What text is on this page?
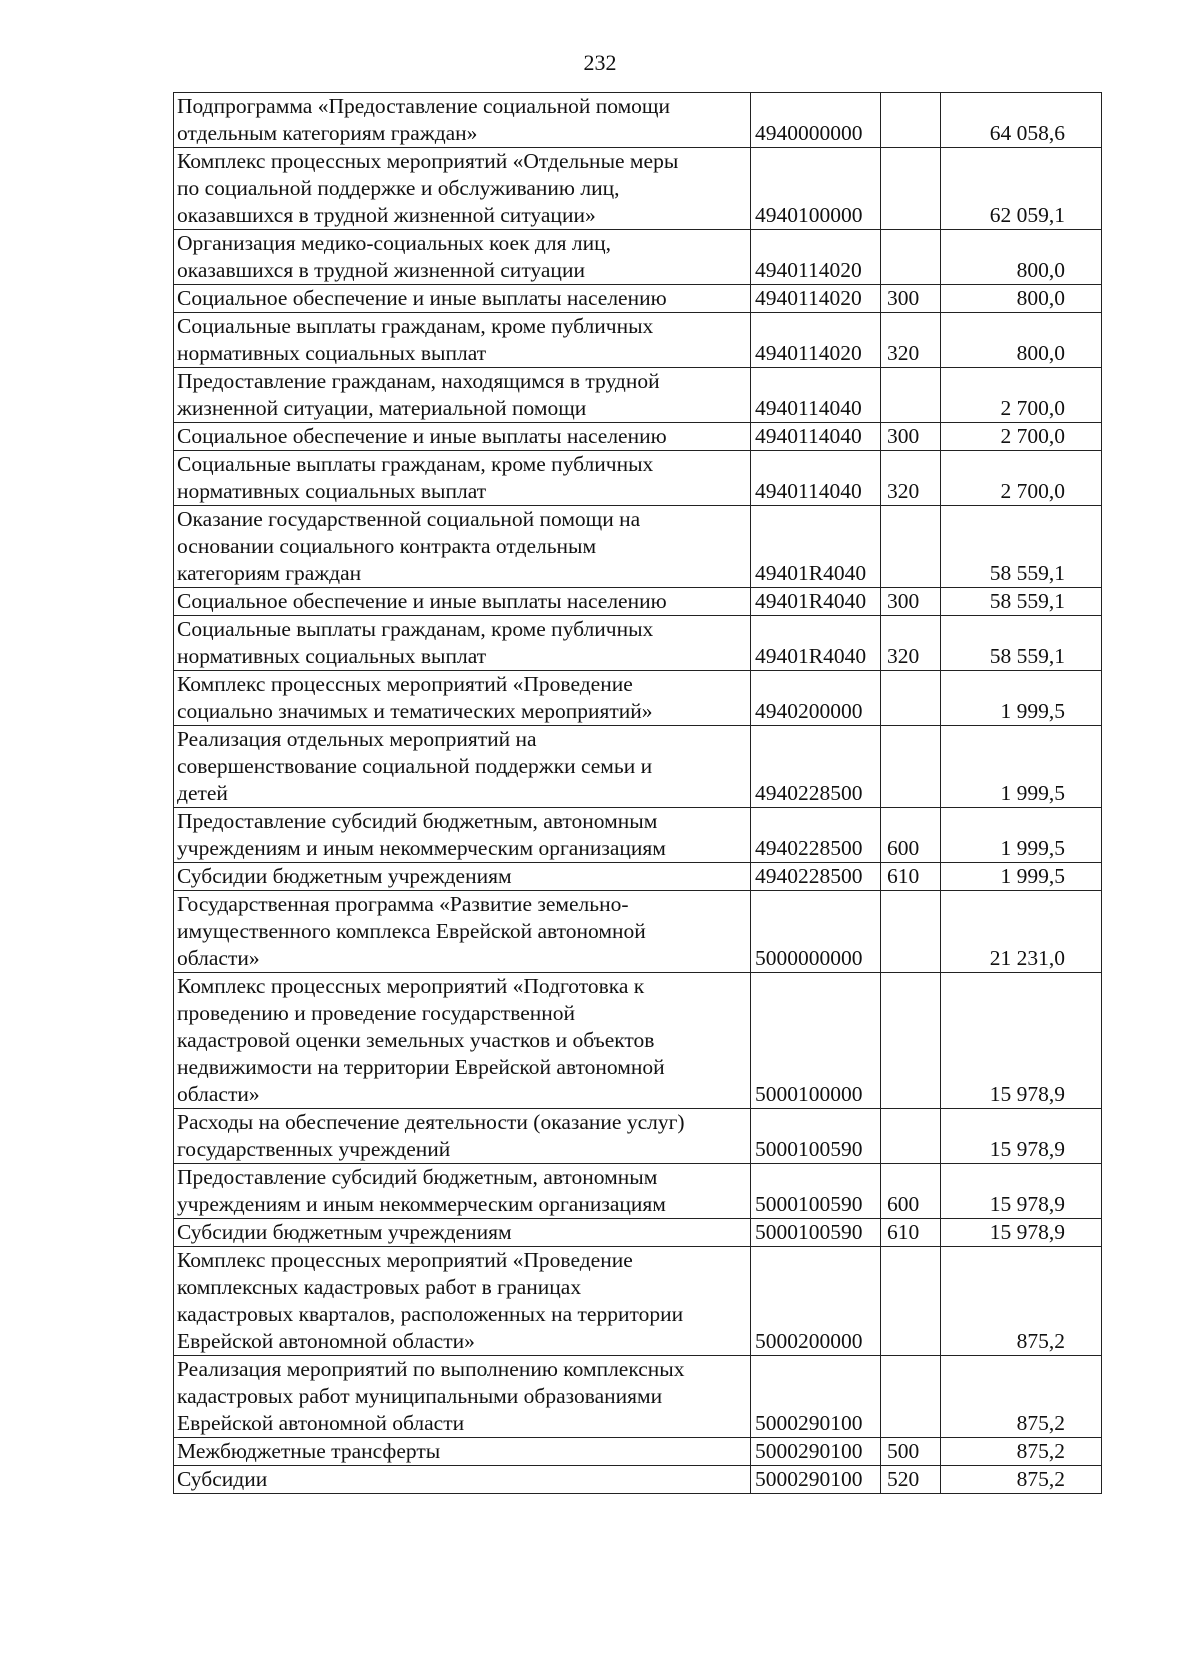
232
Подпрограмма «Предоставление социальной помощи
отдельным категориям граждан»	4940000000		64 058,6

Комплекс процессных мероприятий «Отдельные меры
по социальной поддержке и обслуживанию лиц,
оказавшихся в трудной жизненной ситуации»	4940100000		62 059,1

Организация медико-социальных коек для лиц,
оказавшихся в трудной жизненной ситуации	4940114020		800,0

Социальное обеспечение и иные выплаты населению	4940114020	300	800,0

Социальные выплаты гражданам, кроме публичных
нормативных социальных выплат	4940114020	320	800,0

Предоставление гражданам, находящимся в трудной
жизненной ситуации, материальной помощи	4940114040		2 700,0

Социальное обеспечение и иные выплаты населению	4940114040	300	2 700,0

Социальные выплаты гражданам, кроме публичных
нормативных социальных выплат	4940114040	320	2 700,0

Оказание государственной социальной помощи на
основании социального контракта отдельным
категориям граждан	49401R4040		58 559,1

Социальное обеспечение и иные выплаты населению	49401R4040	300	58 559,1

Социальные выплаты гражданам, кроме публичных
нормативных социальных выплат	49401R4040	320	58 559,1

Комплекс процессных мероприятий «Проведение
социально значимых и тематических мероприятий»	4940200000		1 999,5

Реализация отдельных мероприятий на
совершенствование социальной поддержки семьи и
детей	4940228500		1 999,5

Предоставление субсидий бюджетным, автономным
учреждениям и иным некоммерческим организациям	4940228500	600	1 999,5

Субсидии бюджетным учреждениям	4940228500	610	1 999,5

Государственная программа «Развитие земельно-
имущественного комплекса Еврейской автономной
области»	5000000000		21 231,0

Комплекс процессных мероприятий «Подготовка к
проведению и проведение государственной
кадастровой оценки земельных участков и объектов
недвижимости на территории Еврейской автономной
области»	5000100000		15 978,9

Расходы на обеспечение деятельности (оказание услуг)
государственных учреждений	5000100590		15 978,9

Предоставление субсидий бюджетным, автономным
учреждениям и иным некоммерческим организациям	5000100590	600	15 978,9

Субсидии бюджетным учреждениям	5000100590	610	15 978,9

Комплекс процессных мероприятий «Проведение
комплексных кадастровых работ в границах
кадастровых кварталов, расположенных на территории
Еврейской автономной области»	5000200000		875,2

Реализация мероприятий по выполнению комплексных
кадастровых работ муниципальными образованиями
Еврейской автономной области	5000290100		875,2

Межбюджетные трансферты	5000290100	500	875,2

Субсидии	5000290100	520	875,2
